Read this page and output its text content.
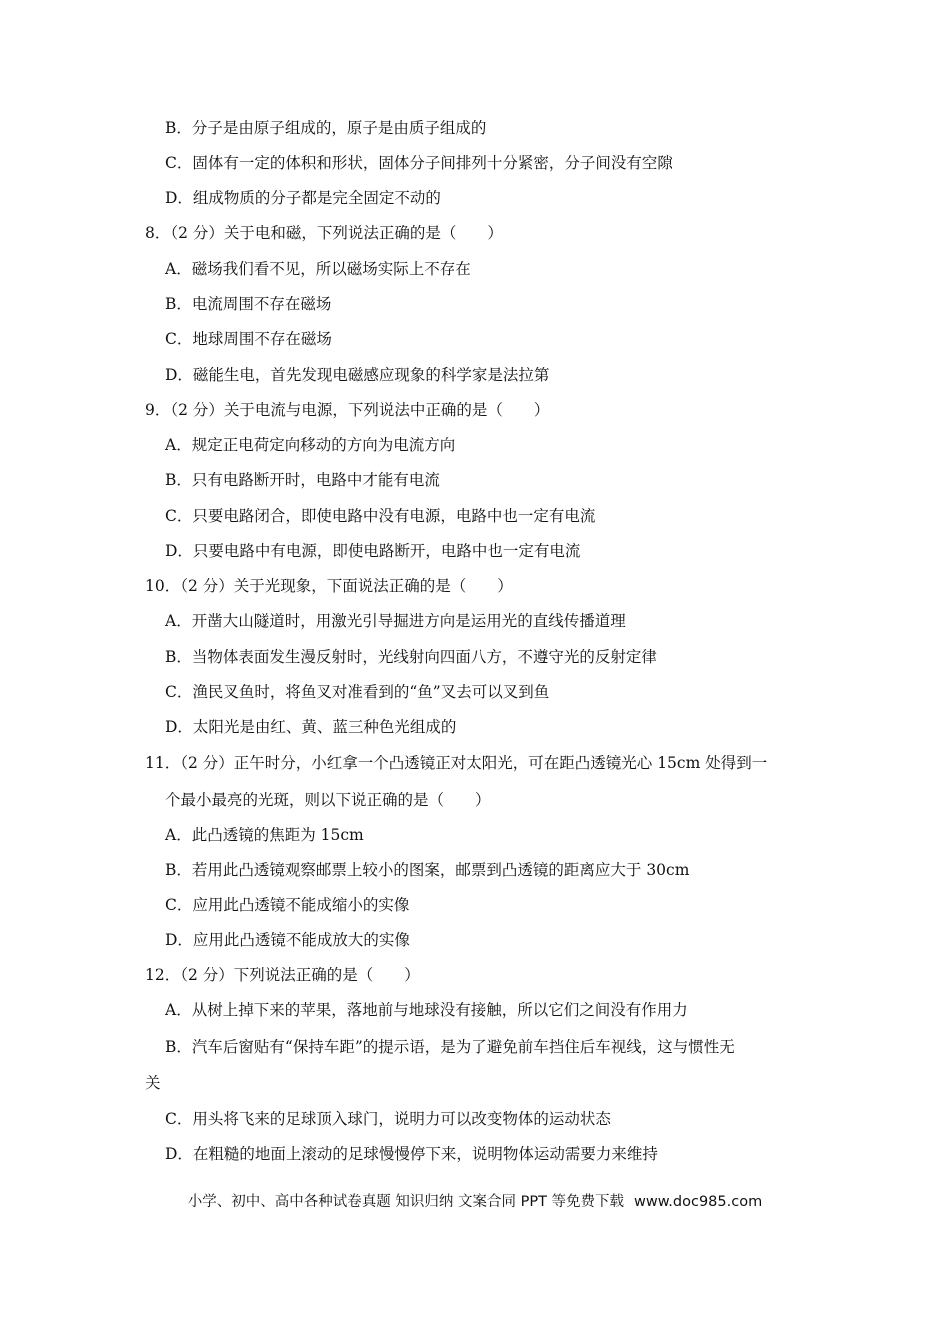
B．分子是由原子组成的，原子是由质子组成的
C．固体有一定的体积和形状，固体分子间排列十分紧密，分子间没有空隙
D．组成物质的分子都是完全固定不动的
8．（2 分）关于电和磁，下列说法正确的是（　　）
A．磁场我们看不见，所以磁场实际上不存在
B．电流周围不存在磁场
C．地球周围不存在磁场
D．磁能生电，首先发现电磁感应现象的科学家是法拉第
9．（2 分）关于电流与电源，下列说法中正确的是（　　）
A．规定正电荷定向移动的方向为电流方向
B．只有电路断开时，电路中才能有电流
C．只要电路闭合，即使电路中没有电源，电路中也一定有电流
D．只要电路中有电源，即使电路断开，电路中也一定有电流
10．（2 分）关于光现象，下面说法正确的是（　　）
A．开凿大山隧道时，用激光引导掘进方向是运用光的直线传播道理
B．当物体表面发生漫反射时，光线射向四面八方，不遵守光的反射定律
C．渔民叉鱼时，将鱼叉对准看到的“鱼”叉去可以叉到鱼
D．太阳光是由红、黄、蓝三种色光组成的
11．（2 分）正午时分，小红拿一个凸透镜正对太阳光，可在距凸透镜光心 15cm 处得到一
个最小最亮的光斑，则以下说正确的是（　　）
A．此凸透镜的焦距为 15cm
B．若用此凸透镜观察邮票上较小的图案，邮票到凸透镜的距离应大于 30cm
C．应用此凸透镜不能成缩小的实像
D．应用此凸透镜不能成放大的实像
12．（2 分）下列说法正确的是（　　）
A．从树上掉下来的苹果，落地前与地球没有接触，所以它们之间没有作用力
B．汽车后窗贴有“保持车距”的提示语，是为了避免前车挡住后车视线，这与惯性无
关
C．用头将飞来的足球顶入球门，说明力可以改变物体的运动状态
D．在粗糙的地面上滚动的足球慢慢停下来，说明物体运动需要力来维持
小学、初中、高中各种试卷真题 知识归纳 文案合同 PPT 等免费下载 www.doc985.com
